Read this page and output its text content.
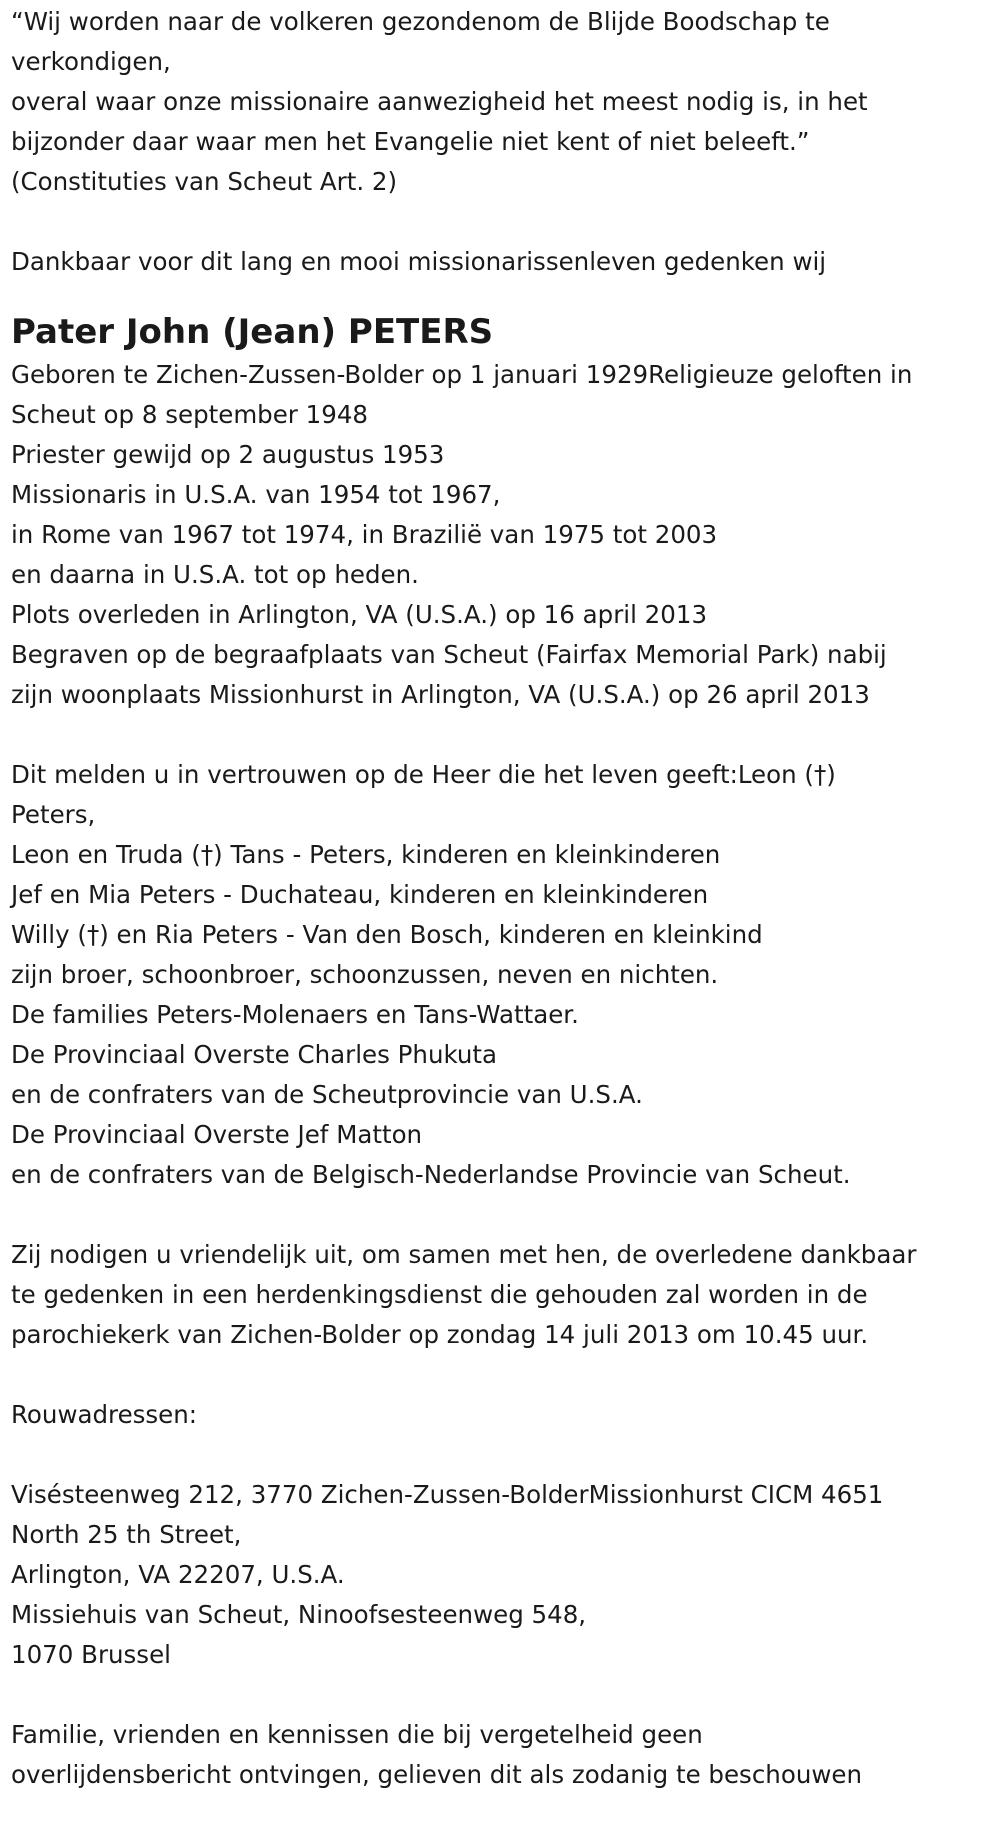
“Wij worden naar de volkeren gezondenom de Blijde Boodschap te
verkondigen,
overal waar onze missionaire aanwezigheid het meest nodig is, in het
bijzonder daar waar men het Evangelie niet kent of niet beleeft.”
(Constituties van Scheut Art. 2)
Dankbaar voor dit lang en mooi missionarissenleven gedenken wij
Pater John (Jean) PETERS
Geboren te Zichen-Zussen-Bolder op 1 januari 1929Religieuze geloften in
Scheut op 8 september 1948
Priester gewijd op 2 augustus 1953
Missionaris in U.S.A. van 1954 tot 1967,
in Rome van 1967 tot 1974, in Brazilië van 1975 tot 2003
en daarna in U.S.A. tot op heden.
Plots overleden in Arlington, VA (U.S.A.) op 16 april 2013
Begraven op de begraafplaats van Scheut (Fairfax Memorial Park) nabij
zijn woonplaats Missionhurst in Arlington, VA (U.S.A.) op 26 april 2013
Dit melden u in vertrouwen op de Heer die het leven geeft:Leon (†)
Peters,
Leon en Truda (†) Tans - Peters, kinderen en kleinkinderen
Jef en Mia Peters - Duchateau, kinderen en kleinkinderen
Willy (†) en Ria Peters - Van den Bosch, kinderen en kleinkind
zijn broer, schoonbroer, schoonzussen, neven en nichten.
De families Peters-Molenaers en Tans-Wattaer.
De Provinciaal Overste Charles Phukuta
en de confraters van de Scheutprovincie van U.S.A.
De Provinciaal Overste Jef Matton
en de confraters van de Belgisch-Nederlandse Provincie van Scheut.
Zij nodigen u vriendelijk uit, om samen met hen, de overledene dankbaar
te gedenken in een herdenkingsdienst die gehouden zal worden in de
parochiekerk van Zichen-Bolder op zondag 14 juli 2013 om 10.45 uur.
Rouwadressen:
Visésteenweg 212, 3770 Zichen-Zussen-BolderMissionhurst CICM 4651
North 25 th Street,
Arlington, VA 22207, U.S.A.
Missiehuis van Scheut, Ninoofsesteenweg 548,
1070 Brussel
Familie, vrienden en kennissen die bij vergetelheid geen
overlijdensbericht ontvingen, gelieven dit als zodanig te beschouwen
